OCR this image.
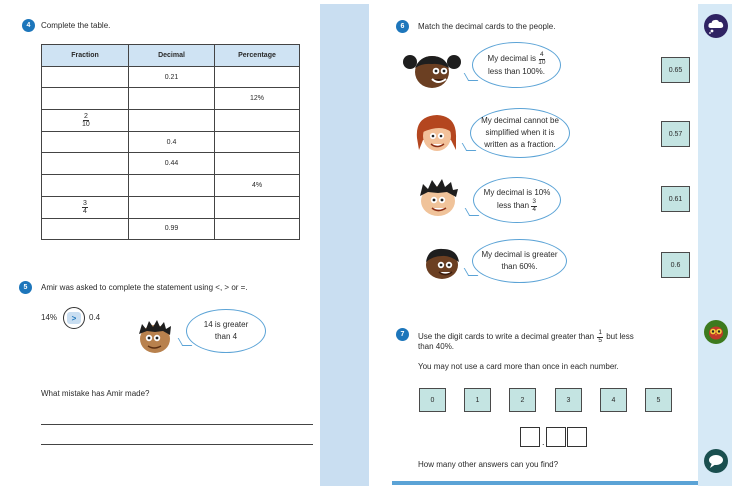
4	Complete the table.
Fraction	Decimal	Percentage
	0.21	
		12%

$\frac{2}{10}$

	0.4	
	0.44	
		4%

$\frac{3}{4}$

	0.99	
5	Amir was asked to complete the statement using <, > or =.
14%	>	0.4
14 is greater
than 4
What mistake has Amir made?
6	Match the decimal cards to the people.
My decimal is $\frac{4}{10}$
less than 100%.
My decimal cannot be
simplified when it is
written as a fraction.
My decimal is 10%
less than $\frac{3}{4}$
My decimal is greater
than 60%.
0.65
0.57
0.61
0.6
7	Use the digit cards to write a decimal greater than $\frac{1}{5}$ but less
than 40%.
You may not use a card more than once in each number.
0	1	2	3	4	5
.
How many other answers can you find?
